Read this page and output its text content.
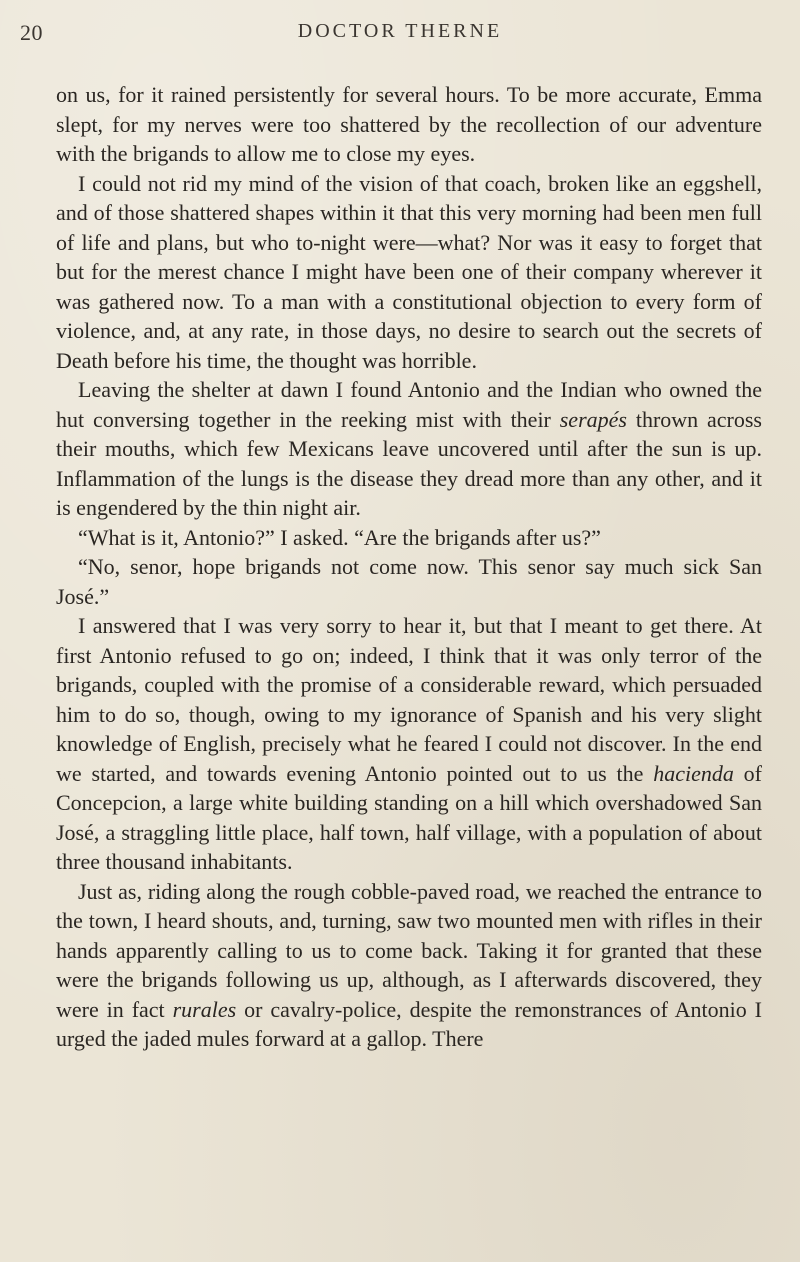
20	DOCTOR THERNE

on us, for it rained persistently for several hours. To be more accurate, Emma slept, for my nerves were too shattered by the recollection of our adventure with the brigands to allow me to close my eyes.

I could not rid my mind of the vision of that coach, broken like an eggshell, and of those shattered shapes within it that this very morning had been men full of life and plans, but who to-night were—what? Nor was it easy to forget that but for the merest chance I might have been one of their company wherever it was gathered now. To a man with a constitutional objection to every form of violence, and, at any rate, in those days, no desire to search out the secrets of Death before his time, the thought was horrible.

Leaving the shelter at dawn I found Antonio and the Indian who owned the hut conversing together in the reeking mist with their serapés thrown across their mouths, which few Mexicans leave uncovered until after the sun is up. Inflammation of the lungs is the disease they dread more than any other, and it is engendered by the thin night air.

“What is it, Antonio?” I asked. “Are the brigands after us?”

“No, senor, hope brigands not come now. This senor say much sick San José.”

I answered that I was very sorry to hear it, but that I meant to get there. At first Antonio refused to go on; indeed, I think that it was only terror of the brigands, coupled with the promise of a considerable reward, which persuaded him to do so, though, owing to my ignorance of Spanish and his very slight knowledge of English, precisely what he feared I could not discover. In the end we started, and towards evening Antonio pointed out to us the hacienda of Concepcion, a large white building standing on a hill which overshadowed San José, a straggling little place, half town, half village, with a population of about three thousand inhabitants.

Just as, riding along the rough cobble-paved road, we reached the entrance to the town, I heard shouts, and, turning, saw two mounted men with rifles in their hands apparently calling to us to come back. Taking it for granted that these were the brigands following us up, although, as I afterwards discovered, they were in fact rurales or cavalry-police, despite the remonstrances of Antonio I urged the jaded mules forward at a gallop. There
